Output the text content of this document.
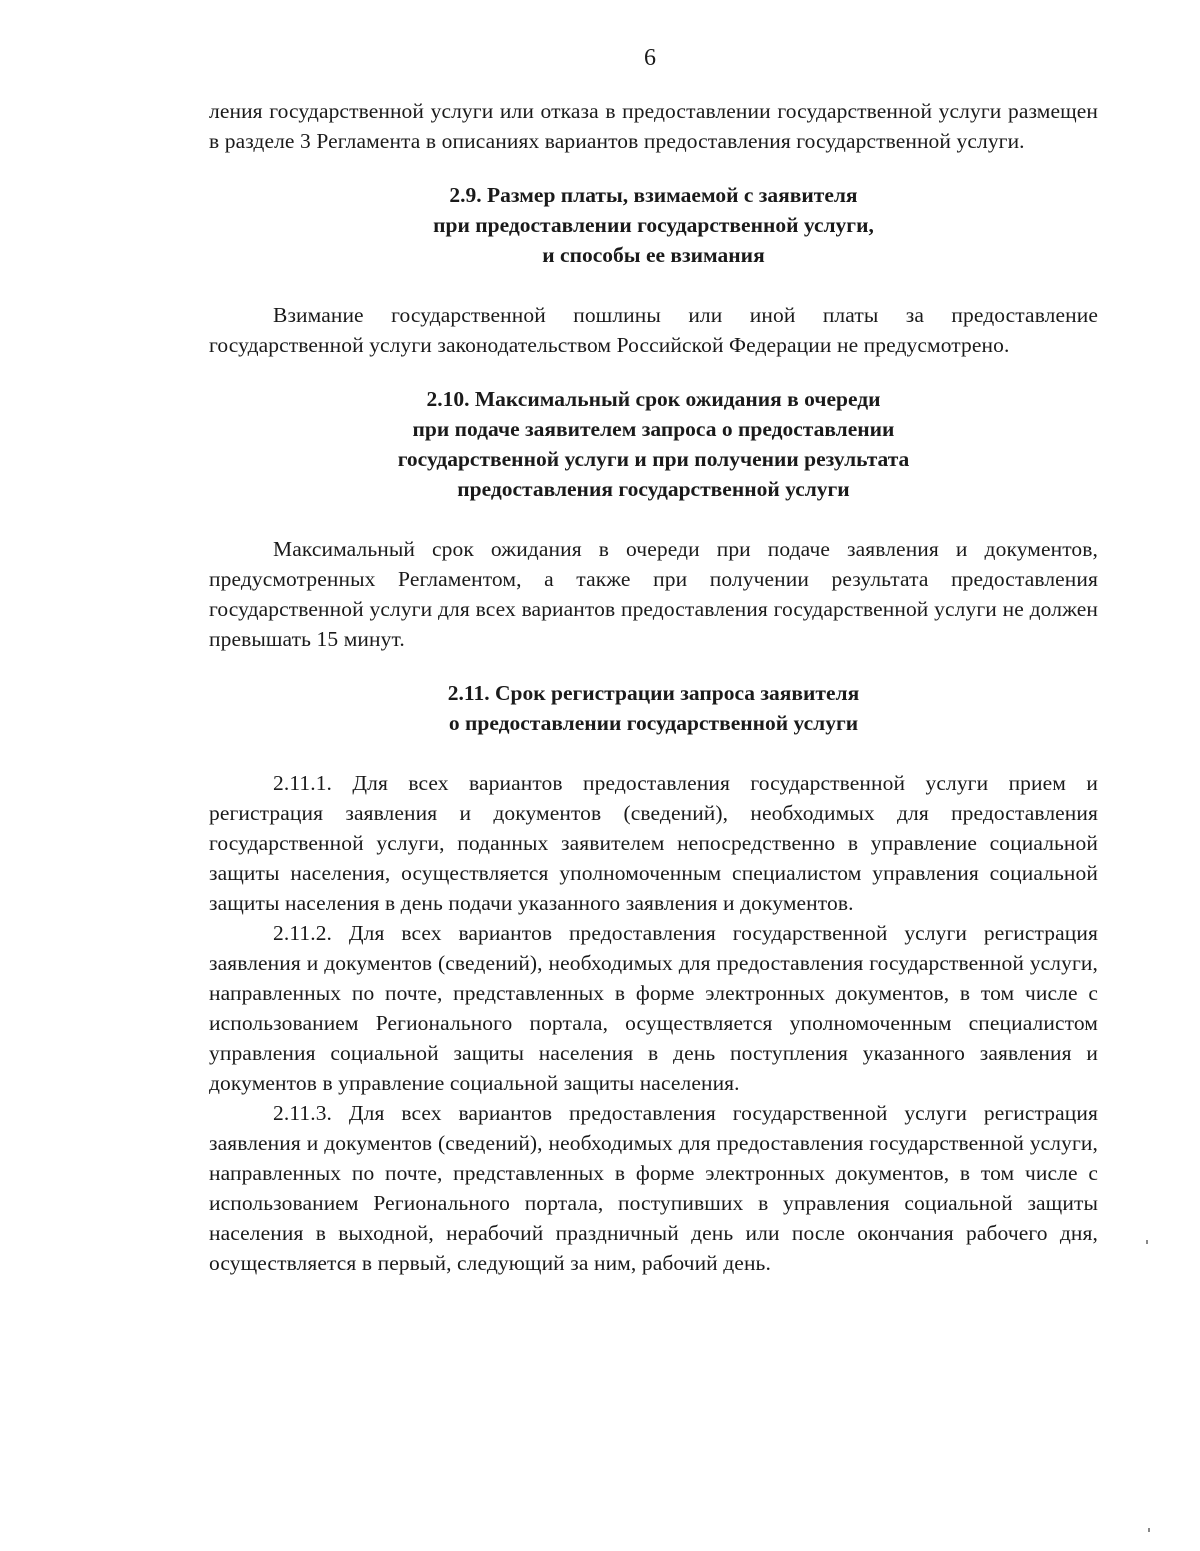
6

ления государственной услуги или отказа в предоставлении государственной услуги размещен в разделе 3 Регламента в описаниях вариантов предоставления государственной услуги.

2.9. Размер платы, взимаемой с заявителя
при предоставлении государственной услуги,
и способы ее взимания

Взимание государственной пошлины или иной платы за предоставление государственной услуги законодательством Российской Федерации не предусмотрено.

2.10. Максимальный срок ожидания в очереди
при подаче заявителем запроса о предоставлении
государственной услуги и при получении результата
предоставления государственной услуги

Максимальный срок ожидания в очереди при подаче заявления и документов, предусмотренных Регламентом, а также при получении результата предоставления государственной услуги для всех вариантов предоставления государственной услуги не должен превышать 15 минут.

2.11. Срок регистрации запроса заявителя
о предоставлении государственной услуги

2.11.1. Для всех вариантов предоставления государственной услуги прием и регистрация заявления и документов (сведений), необходимых для предоставления государственной услуги, поданных заявителем непосредственно в управление социальной защиты населения, осуществляется уполномоченным специалистом управления социальной защиты населения в день подачи указанного заявления и документов.

2.11.2. Для всех вариантов предоставления государственной услуги регистрация заявления и документов (сведений), необходимых для предоставления государственной услуги, направленных по почте, представленных в форме электронных документов, в том числе с использованием Регионального портала, осуществляется уполномоченным специалистом управления социальной защиты населения в день поступления указанного заявления и документов в управление социальной защиты населения.

2.11.3. Для всех вариантов предоставления государственной услуги регистрация заявления и документов (сведений), необходимых для предоставления государственной услуги, направленных по почте, представленных в форме электронных документов, в том числе с использованием Регионального портала, поступивших в управления социальной защиты населения в выходной, нерабочий праздничный день или после окончания рабочего дня, осуществляется в первый, следующий за ним, рабочий день.
